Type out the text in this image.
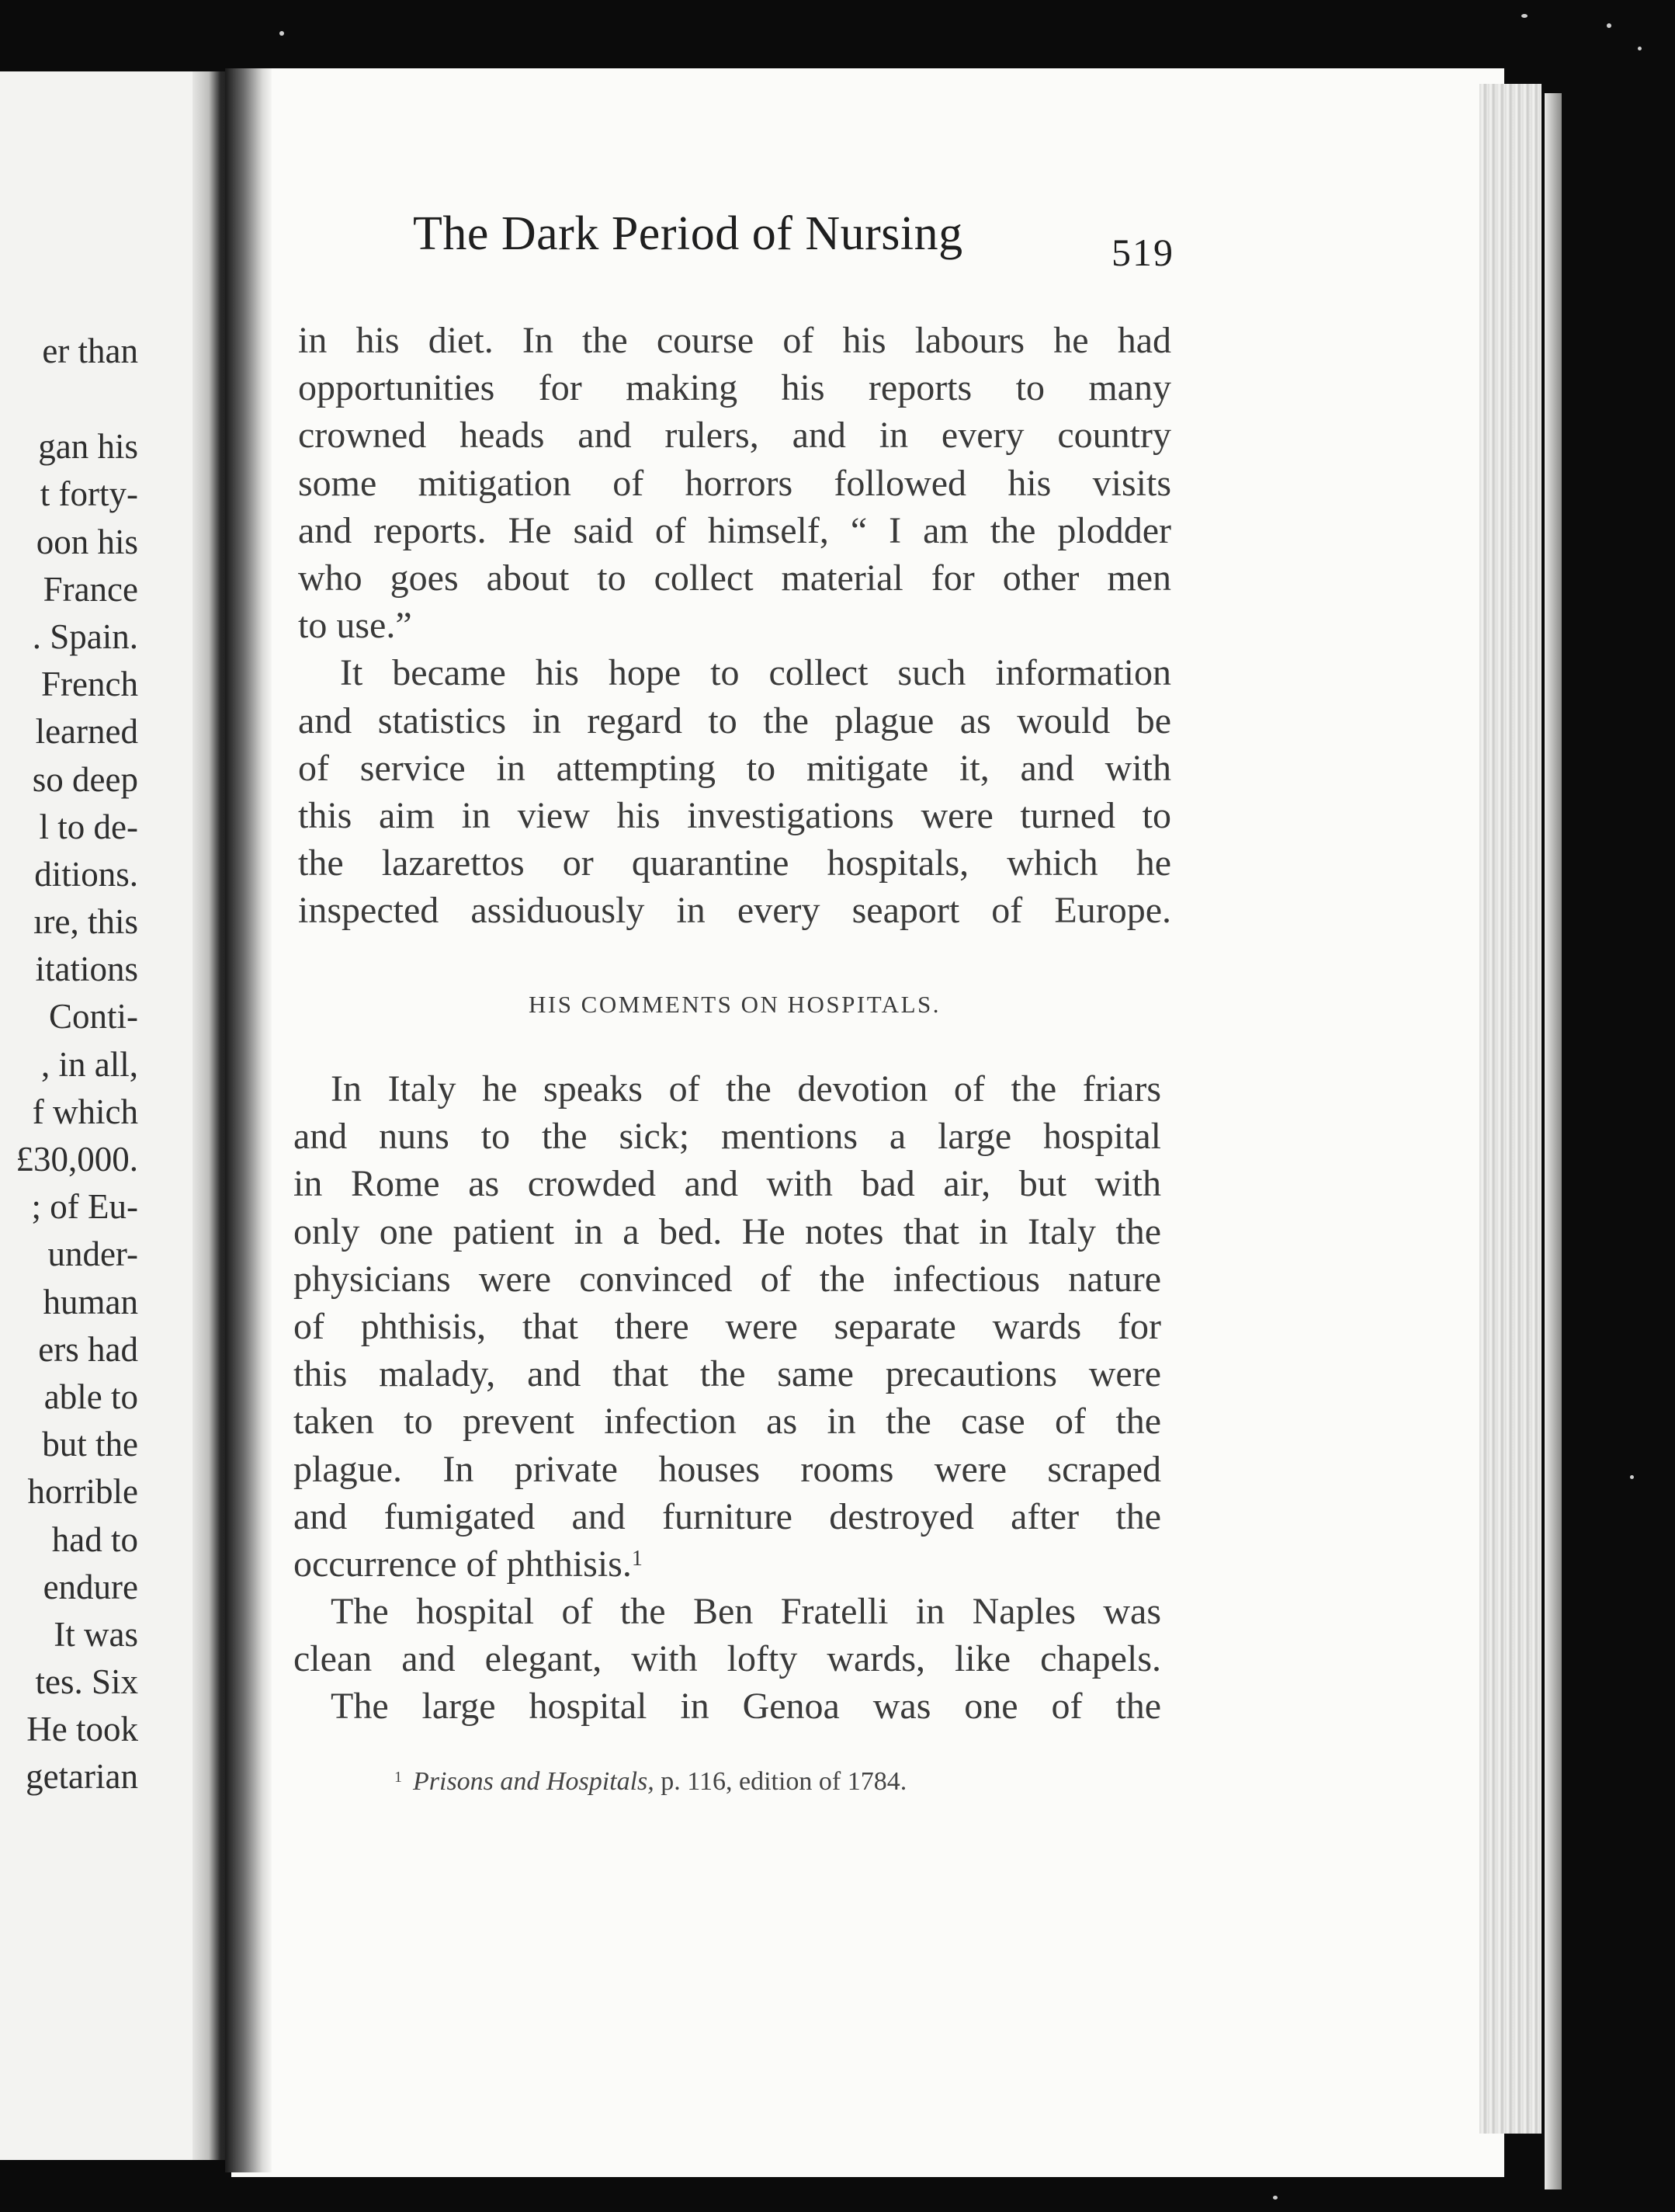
er than
gan his
t forty-
oon his
France
. Spain.
French
learned
so deep
l to de-
ditions.
ıre, this
itations
Conti-
, in all,
f which
£30,000.
; of Eu-
under-
human
ers had
able to
but the
horrible
had to
endure
It was
tes. Six
He took
getarian
The Dark Period of Nursing	519
in his diet. In the course of his labours he had
opportunities for making his reports to many
crowned heads and rulers, and in every country
some mitigation of horrors followed his visits
and reports. He said of himself, “ I am the plodder
who goes about to collect material for other men
to use.”
It became his hope to collect such information
and statistics in regard to the plague as would be
of service in attempting to mitigate it, and with
this aim in view his investigations were turned to
the lazarettos or quarantine hospitals, which he
inspected assiduously in every seaport of Europe.
HIS COMMENTS ON HOSPITALS.
In Italy he speaks of the devotion of the friars
and nuns to the sick; mentions a large hospital
in Rome as crowded and with bad air, but with
only one patient in a bed. He notes that in Italy the
physicians were convinced of the infectious nature
of phthisis, that there were separate wards for
this malady, and that the same precautions were
taken to prevent infection as in the case of the
plague. In private houses rooms were scraped
and fumigated and furniture destroyed after the
occurrence of phthisis.$^1$
The hospital of the Ben Fratelli in Naples was
clean and elegant, with lofty wards, like chapels.
The large hospital in Genoa was one of the
$^1$ Prisons and Hospitals, p. 116, edition of 1784.
